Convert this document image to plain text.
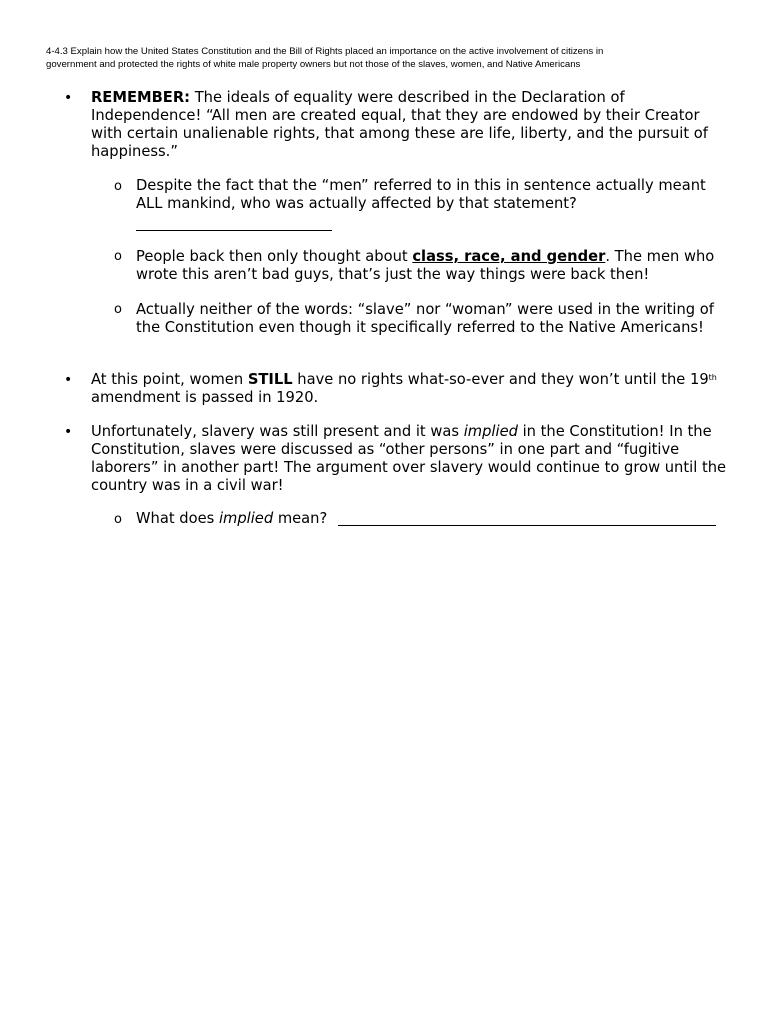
4-4.3 Explain how the United States Constitution and the Bill of Rights placed an importance on the active involvement of citizens in
government and protected the rights of white male property owners but not those of the slaves, women, and Native Americans
• REMEMBER: The ideals of equality were described in the Declaration of Independence! “All men are created equal, that they are endowed by their Creator with certain unalienable rights, that among these are life, liberty, and the pursuit of happiness.”
o Despite the fact that the “men” referred to in this in sentence actually meant ALL mankind, who was actually affected by that statement?
o People back then only thought about class, race, and gender. The men who wrote this aren’t bad guys, that’s just the way things were back then!
o Actually neither of the words: “slave” nor “woman” were used in the writing of the Constitution even though it specifically referred to the Native Americans!
• At this point, women STILL have no rights what-so-ever and they won’t until the 19th amendment is passed in 1920.
• Unfortunately, slavery was still present and it was implied in the Constitution! In the Constitution, slaves were discussed as “other persons” in one part and “fugitive laborers” in another part! The argument over slavery would continue to grow until the country was in a civil war!
o What does implied mean?
